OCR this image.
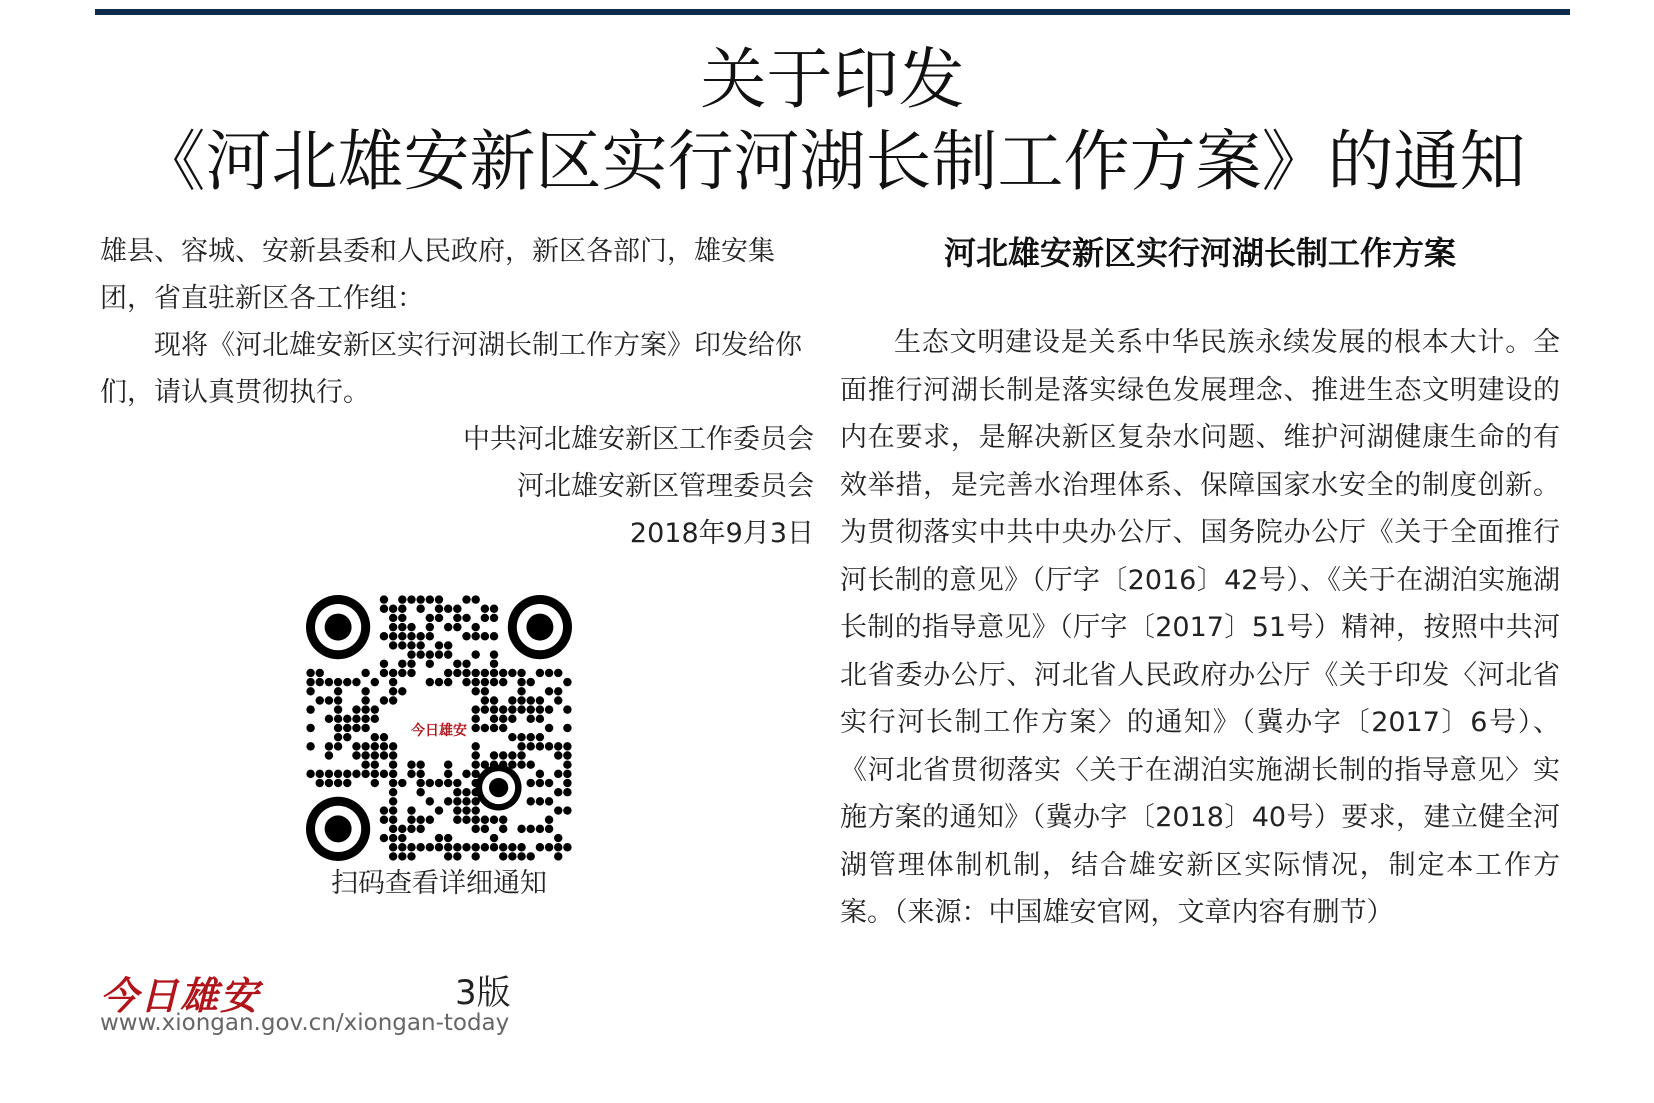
关于印发
《河北雄安新区实行河湖长制工作方案》的通知

雄县、容城、安新县委和人民政府，新区各部门，雄安集团，省直驻新区各工作组：

现将《河北雄安新区实行河湖长制工作方案》印发给你们，请认真贯彻执行。

中共河北雄安新区工作委员会

河北雄安新区管理委员会

2018年9月3日

今日雄安
扫码查看详细通知
今日雄安	3版
www.xiongan.gov.cn/xiongan-today

河北雄安新区实行河湖长制工作方案

生态文明建设是关系中华民族永续发展的根本大计。全面推行河湖长制是落实绿色发展理念、推进生态文明建设的内在要求，是解决新区复杂水问题、维护河湖健康生命的有效举措，是完善水治理体系、保障国家水安全的制度创新。为贯彻落实中共中央办公厅、国务院办公厅《关于全面推行河长制的意见》（厅字〔2016〕42号）、《关于在湖泊实施湖长制的指导意见》（厅字〔2017〕51号）精神，按照中共河北省委办公厅、河北省人民政府办公厅《关于印发〈河北省实行河长制工作方案〉的通知》（冀办字〔2017〕6号）、《河北省贯彻落实〈关于在湖泊实施湖长制的指导意见〉实施方案的通知》（冀办字〔2018〕40号）要求，建立健全河湖管理体制机制，结合雄安新区实际情况，制定本工作方案。（来源：中国雄安官网，文章内容有删节）
